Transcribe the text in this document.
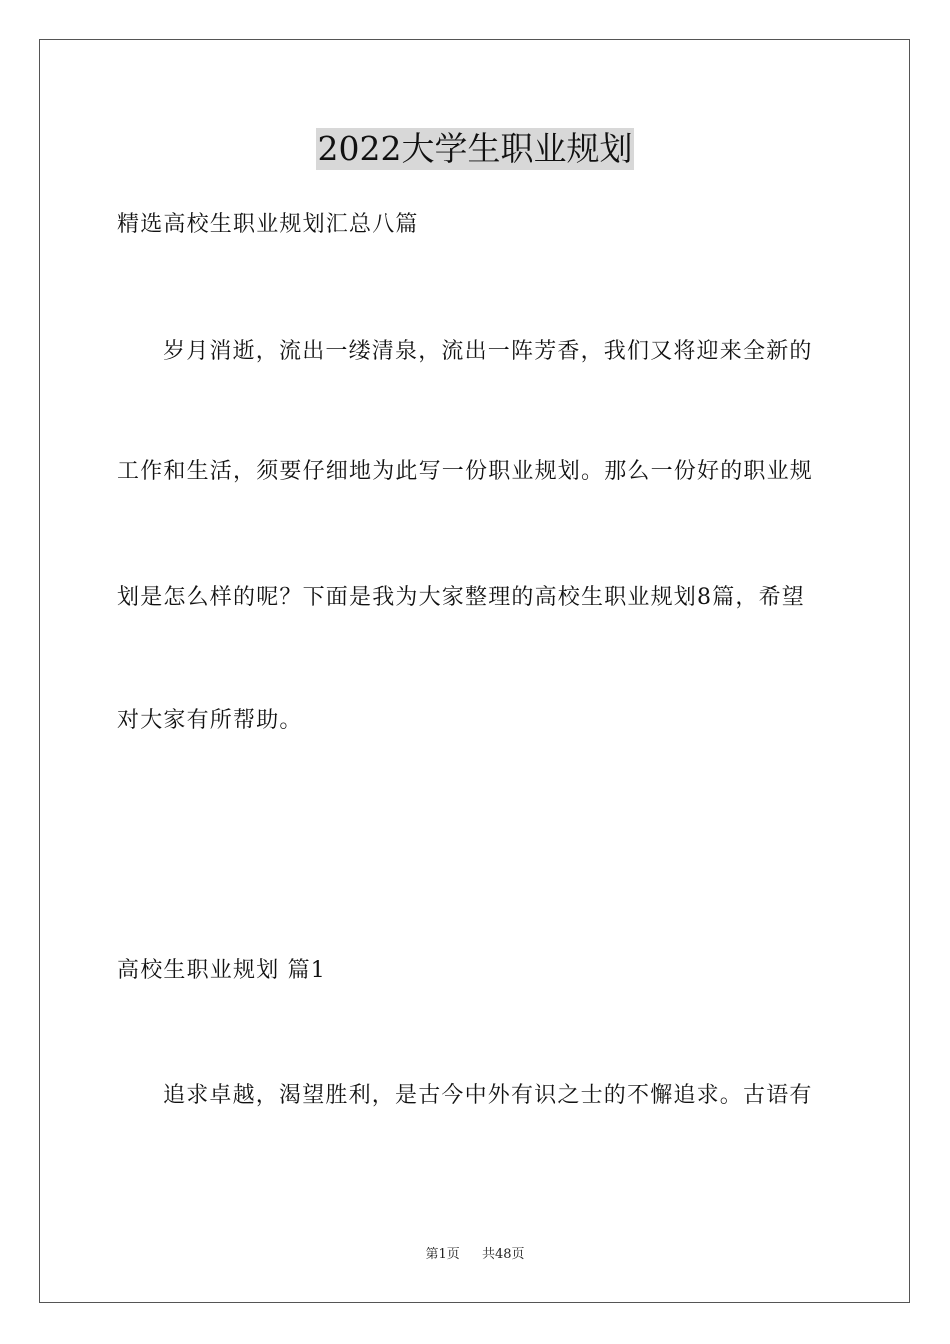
2022大学生职业规划
精选高校生职业规划汇总八篇
岁月消逝，流出一缕清泉，流出一阵芳香，我们又将迎来全新的
工作和生活，须要仔细地为此写一份职业规划。那么一份好的职业规
划是怎么样的呢？下面是我为大家整理的高校生职业规划8篇，希望
对大家有所帮助。
高校生职业规划 篇1
追求卓越，渴望胜利，是古今中外有识之士的不懈追求。古语有
第1页 共48页
